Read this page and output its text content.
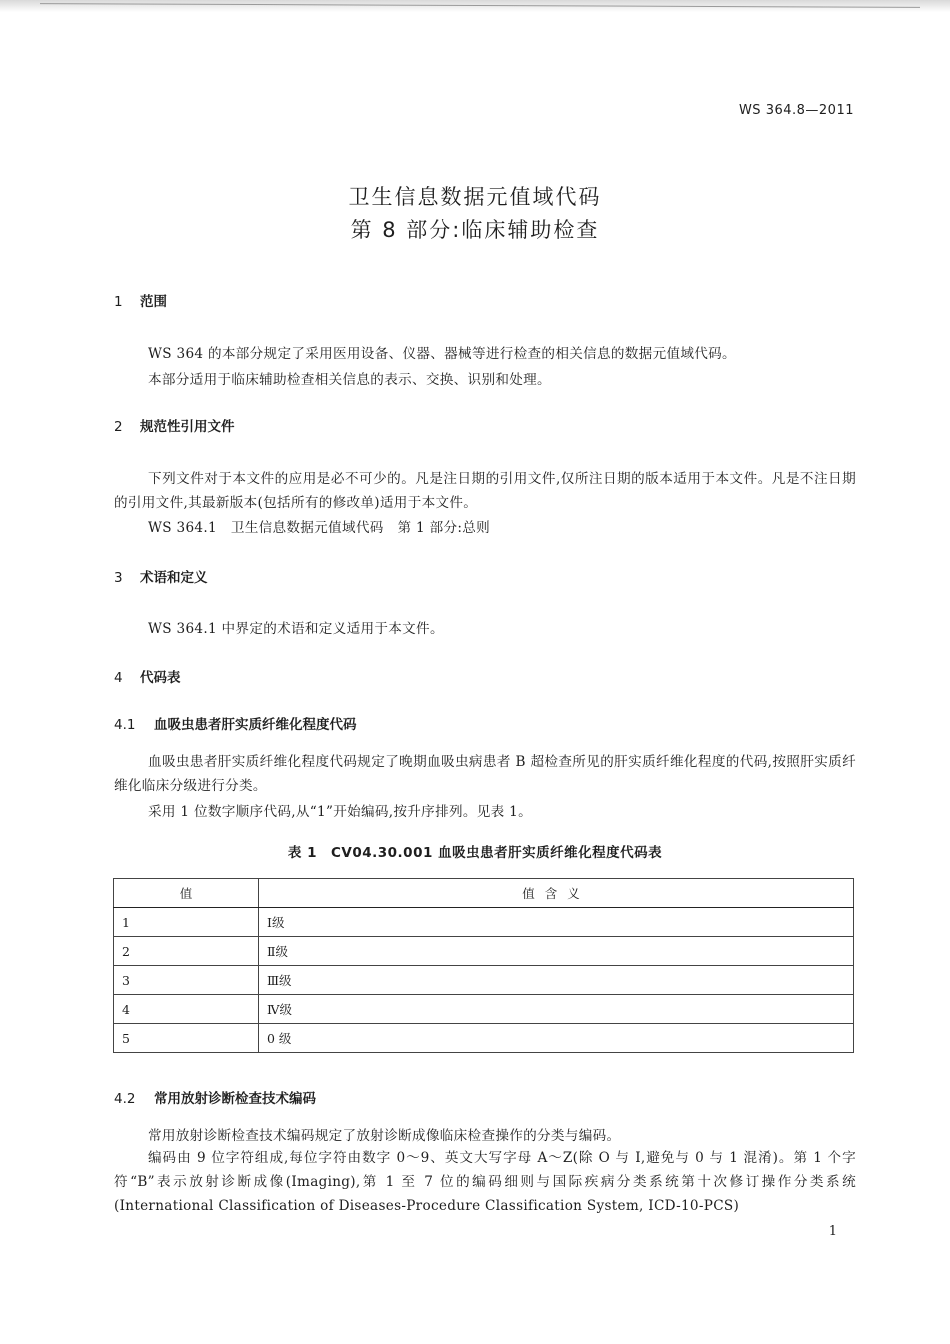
WS 364.8—2011
卫生信息数据元值域代码
第 8 部分:临床辅助检查
1 范围
WS 364 的本部分规定了采用医用设备、仪器、器械等进行检查的相关信息的数据元值域代码。
本部分适用于临床辅助检查相关信息的表示、交换、识别和处理。
2 规范性引用文件
下列文件对于本文件的应用是必不可少的。凡是注日期的引用文件,仅所注日期的版本适用于本文件。凡是不注日期的引用文件,其最新版本(包括所有的修改单)适用于本文件。
WS 364.1　卫生信息数据元值域代码　第 1 部分:总则
3 术语和定义
WS 364.1 中界定的术语和定义适用于本文件。
4 代码表
4.1 血吸虫患者肝实质纤维化程度代码
血吸虫患者肝实质纤维化程度代码规定了晚期血吸虫病患者 B 超检查所见的肝实质纤维化程度的代码,按照肝实质纤维化临床分级进行分类。
采用 1 位数字顺序代码,从“1”开始编码,按升序排列。见表 1。
表 1　CV04.30.001 血吸虫患者肝实质纤维化程度代码表
值	值含义
1	Ⅰ级
2	Ⅱ级
3	Ⅲ级
4	Ⅳ级
5	0 级
4.2 常用放射诊断检查技术编码
常用放射诊断检查技术编码规定了放射诊断成像临床检查操作的分类与编码。
编码由 9 位字符组成,每位字符由数字 0～9、英文大写字母 A～Z(除 O 与 I,避免与 0 与 1 混淆)。第 1 个字符“B”表示放射诊断成像(Imaging),第 1 至 7 位的编码细则与国际疾病分类系统第十次修订操作分类系统(International Classification of Diseases-Procedure Classification System, ICD-10-PCS)
1
